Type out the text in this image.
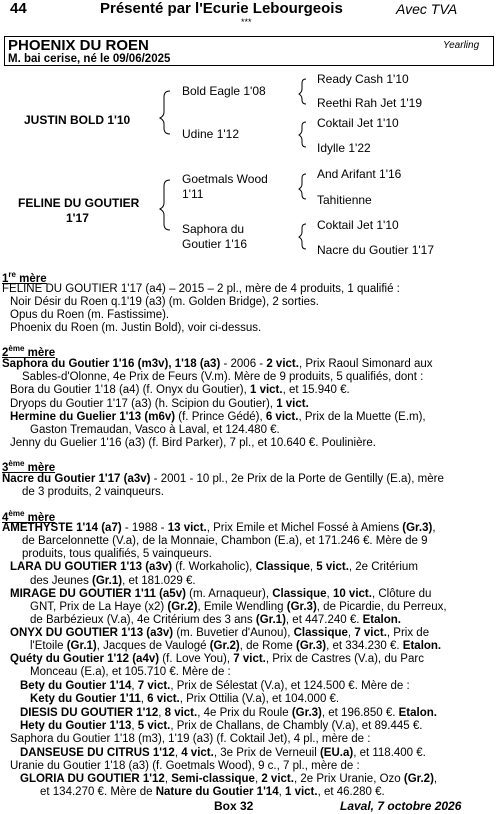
44	Présenté par l'Ecurie Lebourgeois	Avec TVA
***
PHOENIX DU ROEN
M. bai cerise, né le 09/06/2025
Yearling
JUSTIN BOLD 1'10
FELINE DU GOUTIER
1'17
Bold Eagle 1'08
Udine 1'12
Goetmals Wood
1'11
Saphora du
Goutier 1'16
Ready Cash 1'10
Reethi Rah Jet 1'19
Coktail Jet 1'10
Idylle 1'22
And Arifant 1'16
Tahitienne
Coktail Jet 1'10
Nacre du Goutier 1'17
1re mère
FELINE DU GOUTIER 1'17 (a4) – 2015 – 2 pl., mère de 4 produits, 1 qualifié :
Noir Désir du Roen q.1'19 (a3) (m. Golden Bridge), 2 sorties.
Opus du Roen (m. Fastissime).
Phoenix du Roen (m. Justin Bold), voir ci-dessus.
2ème mère
Saphora du Goutier 1'16 (m3v), 1'18 (a3) - 2006 - 2 vict., Prix Raoul Simonard aux
Sables-d'Olonne, 4e Prix de Feurs (V.m). Mère de 9 produits, 5 qualifiés, dont :
Bora du Goutier 1'18 (a4) (f. Onyx du Goutier), 1 vict., et 15.940 €.
Dryops du Goutier 1'17 (a3) (h. Scipion du Goutier), 1 vict.
Hermine du Guelier 1'13 (m6v) (f. Prince Gédé), 6 vict., Prix de la Muette (E.m),
Gaston Tremaudan, Vasco à Laval, et 124.480 €.
Jenny du Guelier 1'16 (a3) (f. Bird Parker), 7 pl., et 10.640 €. Poulinière.
3ème mère
Nacre du Goutier 1'17 (a3v) - 2001 - 10 pl., 2e Prix de la Porte de Gentilly (E.a), mère
de 3 produits, 2 vainqueurs.
4ème mère
AMETHYSTE 1'14 (a7) - 1988 - 13 vict., Prix Emile et Michel Fossé à Amiens (Gr.3),
de Barcelonnette (V.a), de la Monnaie, Chambon (E.a), et 171.246 €. Mère de 9
produits, tous qualifiés, 5 vainqueurs.
LARA DU GOUTIER 1'13 (a3v) (f. Workaholic), Classique, 5 vict., 2e Critérium
des Jeunes (Gr.1), et 181.029 €.
MIRAGE DU GOUTIER 1'11 (a5v) (m. Arnaqueur), Classique, 10 vict., Clôture du
GNT, Prix de La Haye (x2) (Gr.2), Emile Wendling (Gr.3), de Picardie, du Perreux,
de Barbézieux (V.a), 4e Critérium des 3 ans (Gr.1), et 447.240 €. Etalon.
ONYX DU GOUTIER 1'13 (a3v) (m. Buvetier d'Aunou), Classique, 7 vict., Prix de
l'Etoile (Gr.1), Jacques de Vaulogé (Gr.2), de Rome (Gr.3), et 334.230 €. Etalon.
Quéty du Goutier 1'12 (a4v) (f. Love You), 7 vict., Prix de Castres (V.a), du Parc
Monceau (E.a), et 105.710 €. Mère de :
Bety du Goutier 1'14, 7 vict., Prix de Sélestat (V.a), et 124.500 €. Mère de :
Kety du Goutier 1'11, 6 vict., Prix Ottilia (V.a), et 104.000 €.
DIESIS DU GOUTIER 1'12, 8 vict., 4e Prix du Roule (Gr.3), et 196.850 €. Etalon.
Hety du Goutier 1'13, 5 vict., Prix de Challans, de Chambly (V.a), et 89.445 €.
Saphora du Goutier 1'18 (m3), 1'19 (a3) (f. Coktail Jet), 4 pl., mère de :
DANSEUSE DU CITRUS 1'12, 4 vict., 3e Prix de Verneuil (EU.a), et 118.400 €.
Uranie du Goutier 1'18 (a3) (f. Goetmals Wood), 9 c., 7 pl., mère de :
GLORIA DU GOUTIER 1'12, Semi-classique, 2 vict., 2e Prix Uranie, Ozo (Gr.2),
et 134.270 €. Mère de Nature du Goutier 1'14, 1 vict., et 46.280 €.
Box 32	Laval, 7 octobre 2026
